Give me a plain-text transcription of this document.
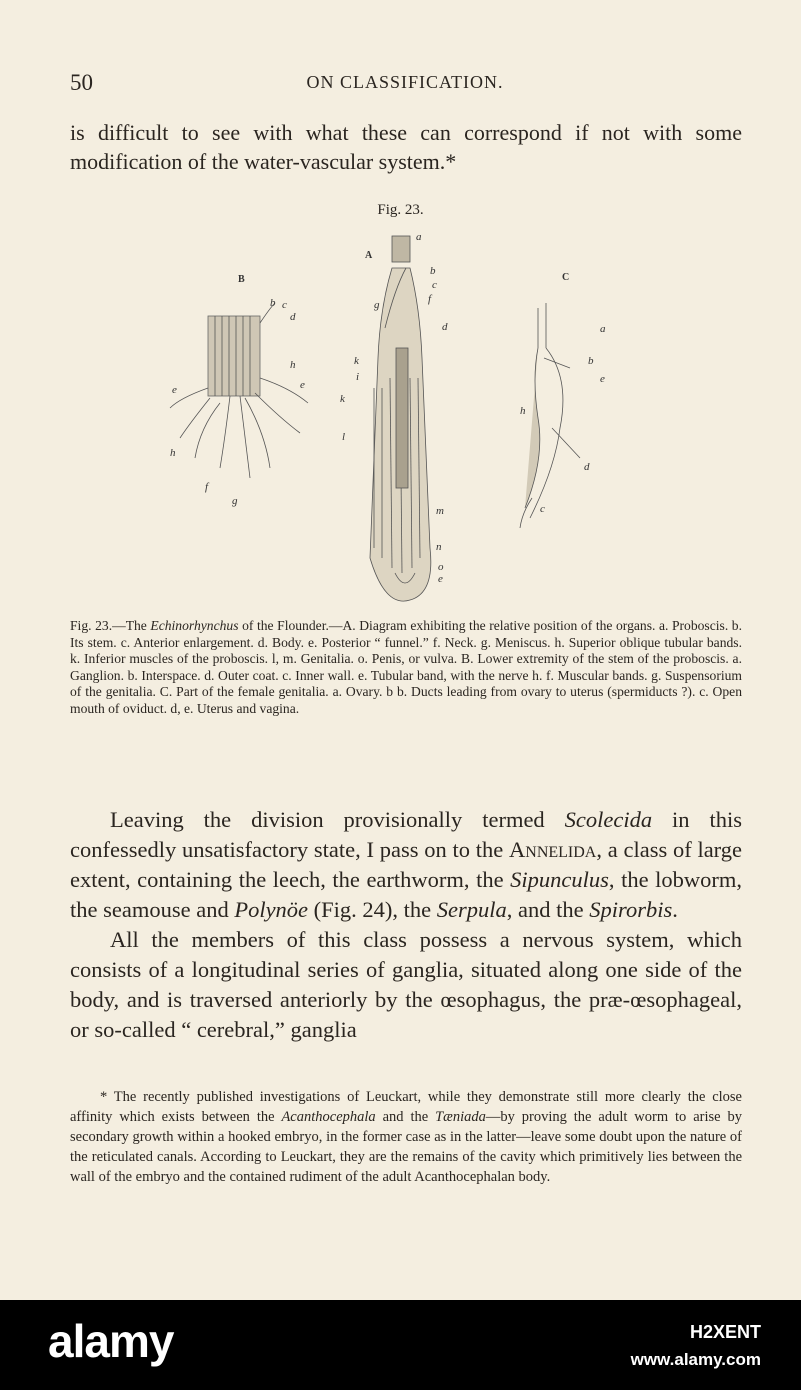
50	ON CLASSIFICATION.
is difficult to see with what these can correspond if not with some modification of the water-vascular system.*
Fig. 23.
B
b c
d
h
e
e
h
f
g
A
a
b
c
f
d
g
k
i
k
l
m
n
o
e
C
a
b
e
h
d
c
Fig. 23.—The Echinorhynchus of the Flounder.—A. Diagram exhibiting the relative position of the organs. a. Proboscis. b. Its stem. c. Anterior enlargement. d. Body. e. Posterior “ funnel.” f. Neck. g. Meniscus. h. Superior oblique tubular bands. k. Inferior muscles of the proboscis. l, m. Genitalia. o. Penis, or vulva. B. Lower extremity of the stem of the proboscis. a. Ganglion. b. Interspace. d. Outer coat. c. Inner wall. e. Tubular band, with the nerve h. f. Muscular bands. g. Suspensorium of the genitalia. C. Part of the female genitalia. a. Ovary. b b. Ducts leading from ovary to uterus (spermiducts ?). c. Open mouth of oviduct. d, e. Uterus and vagina.

Leaving the division provisionally termed Scolecida in this confessedly unsatisfactory state, I pass on to the Annelida, a class of large extent, containing the leech, the earthworm, the Sipunculus, the lobworm, the seamouse and Polynöe (Fig. 24), the Serpula, and the Spirorbis.

All the members of this class possess a nervous system, which consists of a longitudinal series of ganglia, situated along one side of the body, and is traversed anteriorly by the œsophagus, the præ-œsophageal, or so-called “ cerebral,” ganglia

* The recently published investigations of Leuckart, while they demonstrate still more clearly the close affinity which exists between the Acanthocephala and the Tæniada—by proving the adult worm to arise by secondary growth within a hooked embryo, in the former case as in the latter—leave some doubt upon the nature of the reticulated canals. According to Leuckart, they are the remains of the cavity which primitively lies between the wall of the embryo and the contained rudiment of the adult Acanthocephalan body.

alamy	H2XENT
www.alamy.com
